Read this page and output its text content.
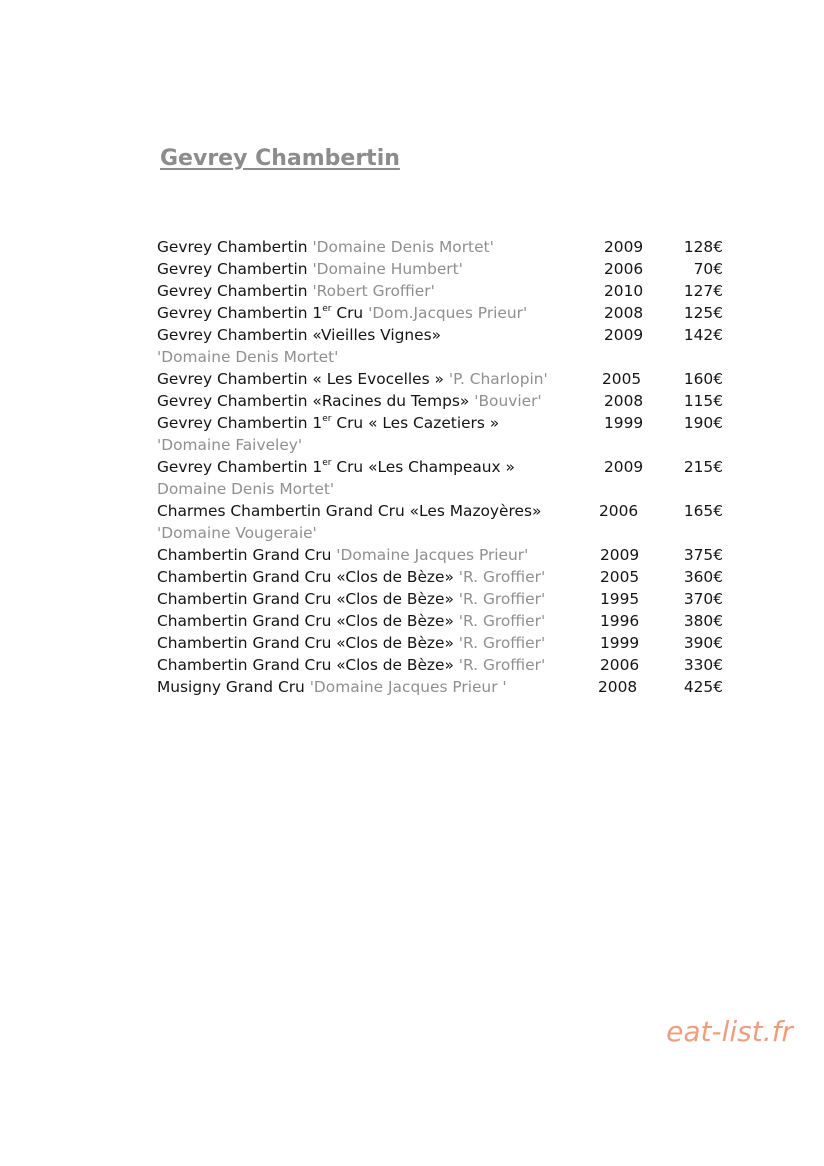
Gevrey Chambertin
Gevrey Chambertin 'Domaine Denis Mortet'	2009	128€
Gevrey Chambertin 'Domaine Humbert'	2006	70€
Gevrey Chambertin 'Robert Groffier'	2010	127€
Gevrey Chambertin 1er Cru 'Dom.Jacques Prieur'	2008	125€
Gevrey Chambertin «Vieilles Vignes»	2009	142€
'Domaine Denis Mortet'
Gevrey Chambertin « Les Evocelles » 'P. Charlopin'	2005	160€
Gevrey Chambertin «Racines du Temps» 'Bouvier'	2008	115€
Gevrey Chambertin 1er Cru « Les Cazetiers »	1999	190€
'Domaine Faiveley'
Gevrey Chambertin 1er Cru «Les Champeaux »	2009	215€
Domaine Denis Mortet'
Charmes Chambertin Grand Cru «Les Mazoyères»	2006	165€
'Domaine Vougeraie'
Chambertin Grand Cru 'Domaine Jacques Prieur'	2009	375€
Chambertin Grand Cru «Clos de Bèze» 'R. Groffier'	2005	360€
Chambertin Grand Cru «Clos de Bèze» 'R. Groffier'	1995	370€
Chambertin Grand Cru «Clos de Bèze» 'R. Groffier'	1996	380€
Chambertin Grand Cru «Clos de Bèze» 'R. Groffier'	1999	390€
Chambertin Grand Cru «Clos de Bèze» 'R. Groffier'	2006	330€
Musigny Grand Cru 'Domaine Jacques Prieur '	2008	425€
eat-list.fr
